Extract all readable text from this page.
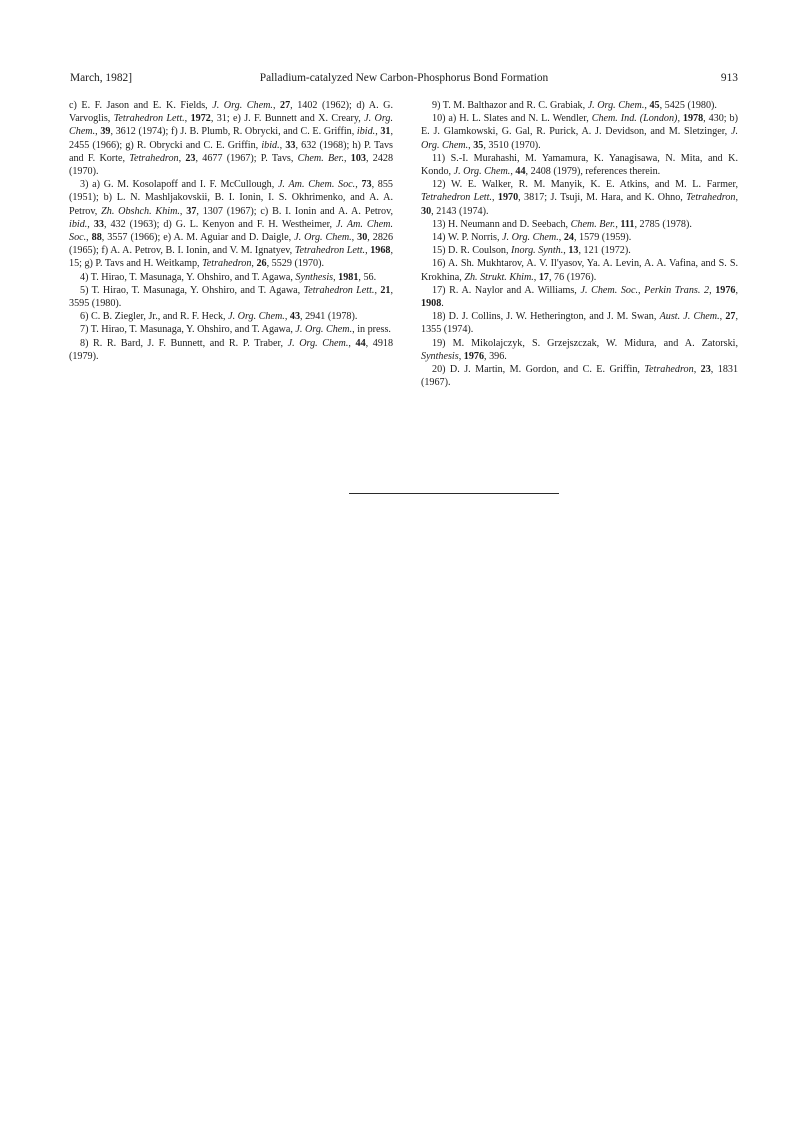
March, 1982]	Palladium-catalyzed New Carbon-Phosphorus Bond Formation	913

c) E. F. Jason and E. K. Fields, J. Org. Chem., 27, 1402 (1962); d) A. G. Varvoglis, Tetrahedron Lett., 1972, 31; e) J. F. Bunnett and X. Creary, J. Org. Chem., 39, 3612 (1974); f) J. B. Plumb, R. Obrycki, and C. E. Griffin, ibid., 31, 2455 (1966); g) R. Obrycki and C. E. Griffin, ibid., 33, 632 (1968); h) P. Tavs and F. Korte, Tetrahedron, 23, 4677 (1967); P. Tavs, Chem. Ber., 103, 2428 (1970).

3) a) G. M. Kosolapoff and I. F. McCullough, J. Am. Chem. Soc., 73, 855 (1951); b) L. N. Mashljakovskii, B. I. Ionin, I. S. Okhrimenko, and A. A. Petrov, Zh. Obshch. Khim., 37, 1307 (1967); c) B. I. Ionin and A. A. Petrov, ibid., 33, 432 (1963); d) G. L. Kenyon and F. H. Westheimer, J. Am. Chem. Soc., 88, 3557 (1966); e) A. M. Aguiar and D. Daigle, J. Org. Chem., 30, 2826 (1965); f) A. A. Petrov, B. I. Ionin, and V. M. Ignatyev, Tetrahedron Lett., 1968, 15; g) P. Tavs and H. Weitkamp, Tetrahedron, 26, 5529 (1970).

4) T. Hirao, T. Masunaga, Y. Ohshiro, and T. Agawa, Synthesis, 1981, 56.

5) T. Hirao, T. Masunaga, Y. Ohshiro, and T. Agawa, Tetrahedron Lett., 21, 3595 (1980).

6) C. B. Ziegler, Jr., and R. F. Heck, J. Org. Chem., 43, 2941 (1978).

7) T. Hirao, T. Masunaga, Y. Ohshiro, and T. Agawa, J. Org. Chem., in press.

8) R. R. Bard, J. F. Bunnett, and R. P. Traber, J. Org. Chem., 44, 4918 (1979).

9) T. M. Balthazor and R. C. Grabiak, J. Org. Chem., 45, 5425 (1980).

10) a) H. L. Slates and N. L. Wendler, Chem. Ind. (London), 1978, 430; b) E. J. Glamkowski, G. Gal, R. Purick, A. J. Devidson, and M. Sletzinger, J. Org. Chem., 35, 3510 (1970).

11) S.-I. Murahashi, M. Yamamura, K. Yanagisawa, N. Mita, and K. Kondo, J. Org. Chem., 44, 2408 (1979), references therein.

12) W. E. Walker, R. M. Manyik, K. E. Atkins, and M. L. Farmer, Tetrahedron Lett., 1970, 3817; J. Tsuji, M. Hara, and K. Ohno, Tetrahedron, 30, 2143 (1974).

13) H. Neumann and D. Seebach, Chem. Ber., 111, 2785 (1978).

14) W. P. Norris, J. Org. Chem., 24, 1579 (1959).

15) D. R. Coulson, Inorg. Synth., 13, 121 (1972).

16) A. Sh. Mukhtarov, A. V. Il'yasov, Ya. A. Levin, A. A. Vafina, and S. S. Krokhina, Zh. Strukt. Khim., 17, 76 (1976).

17) R. A. Naylor and A. Williams, J. Chem. Soc., Perkin Trans. 2, 1976, 1908.

18) D. J. Collins, J. W. Hetherington, and J. M. Swan, Aust. J. Chem., 27, 1355 (1974).

19) M. Mikolajczyk, S. Grzejszczak, W. Midura, and A. Zatorski, Synthesis, 1976, 396.

20) D. J. Martin, M. Gordon, and C. E. Griffin, Tetrahedron, 23, 1831 (1967).
